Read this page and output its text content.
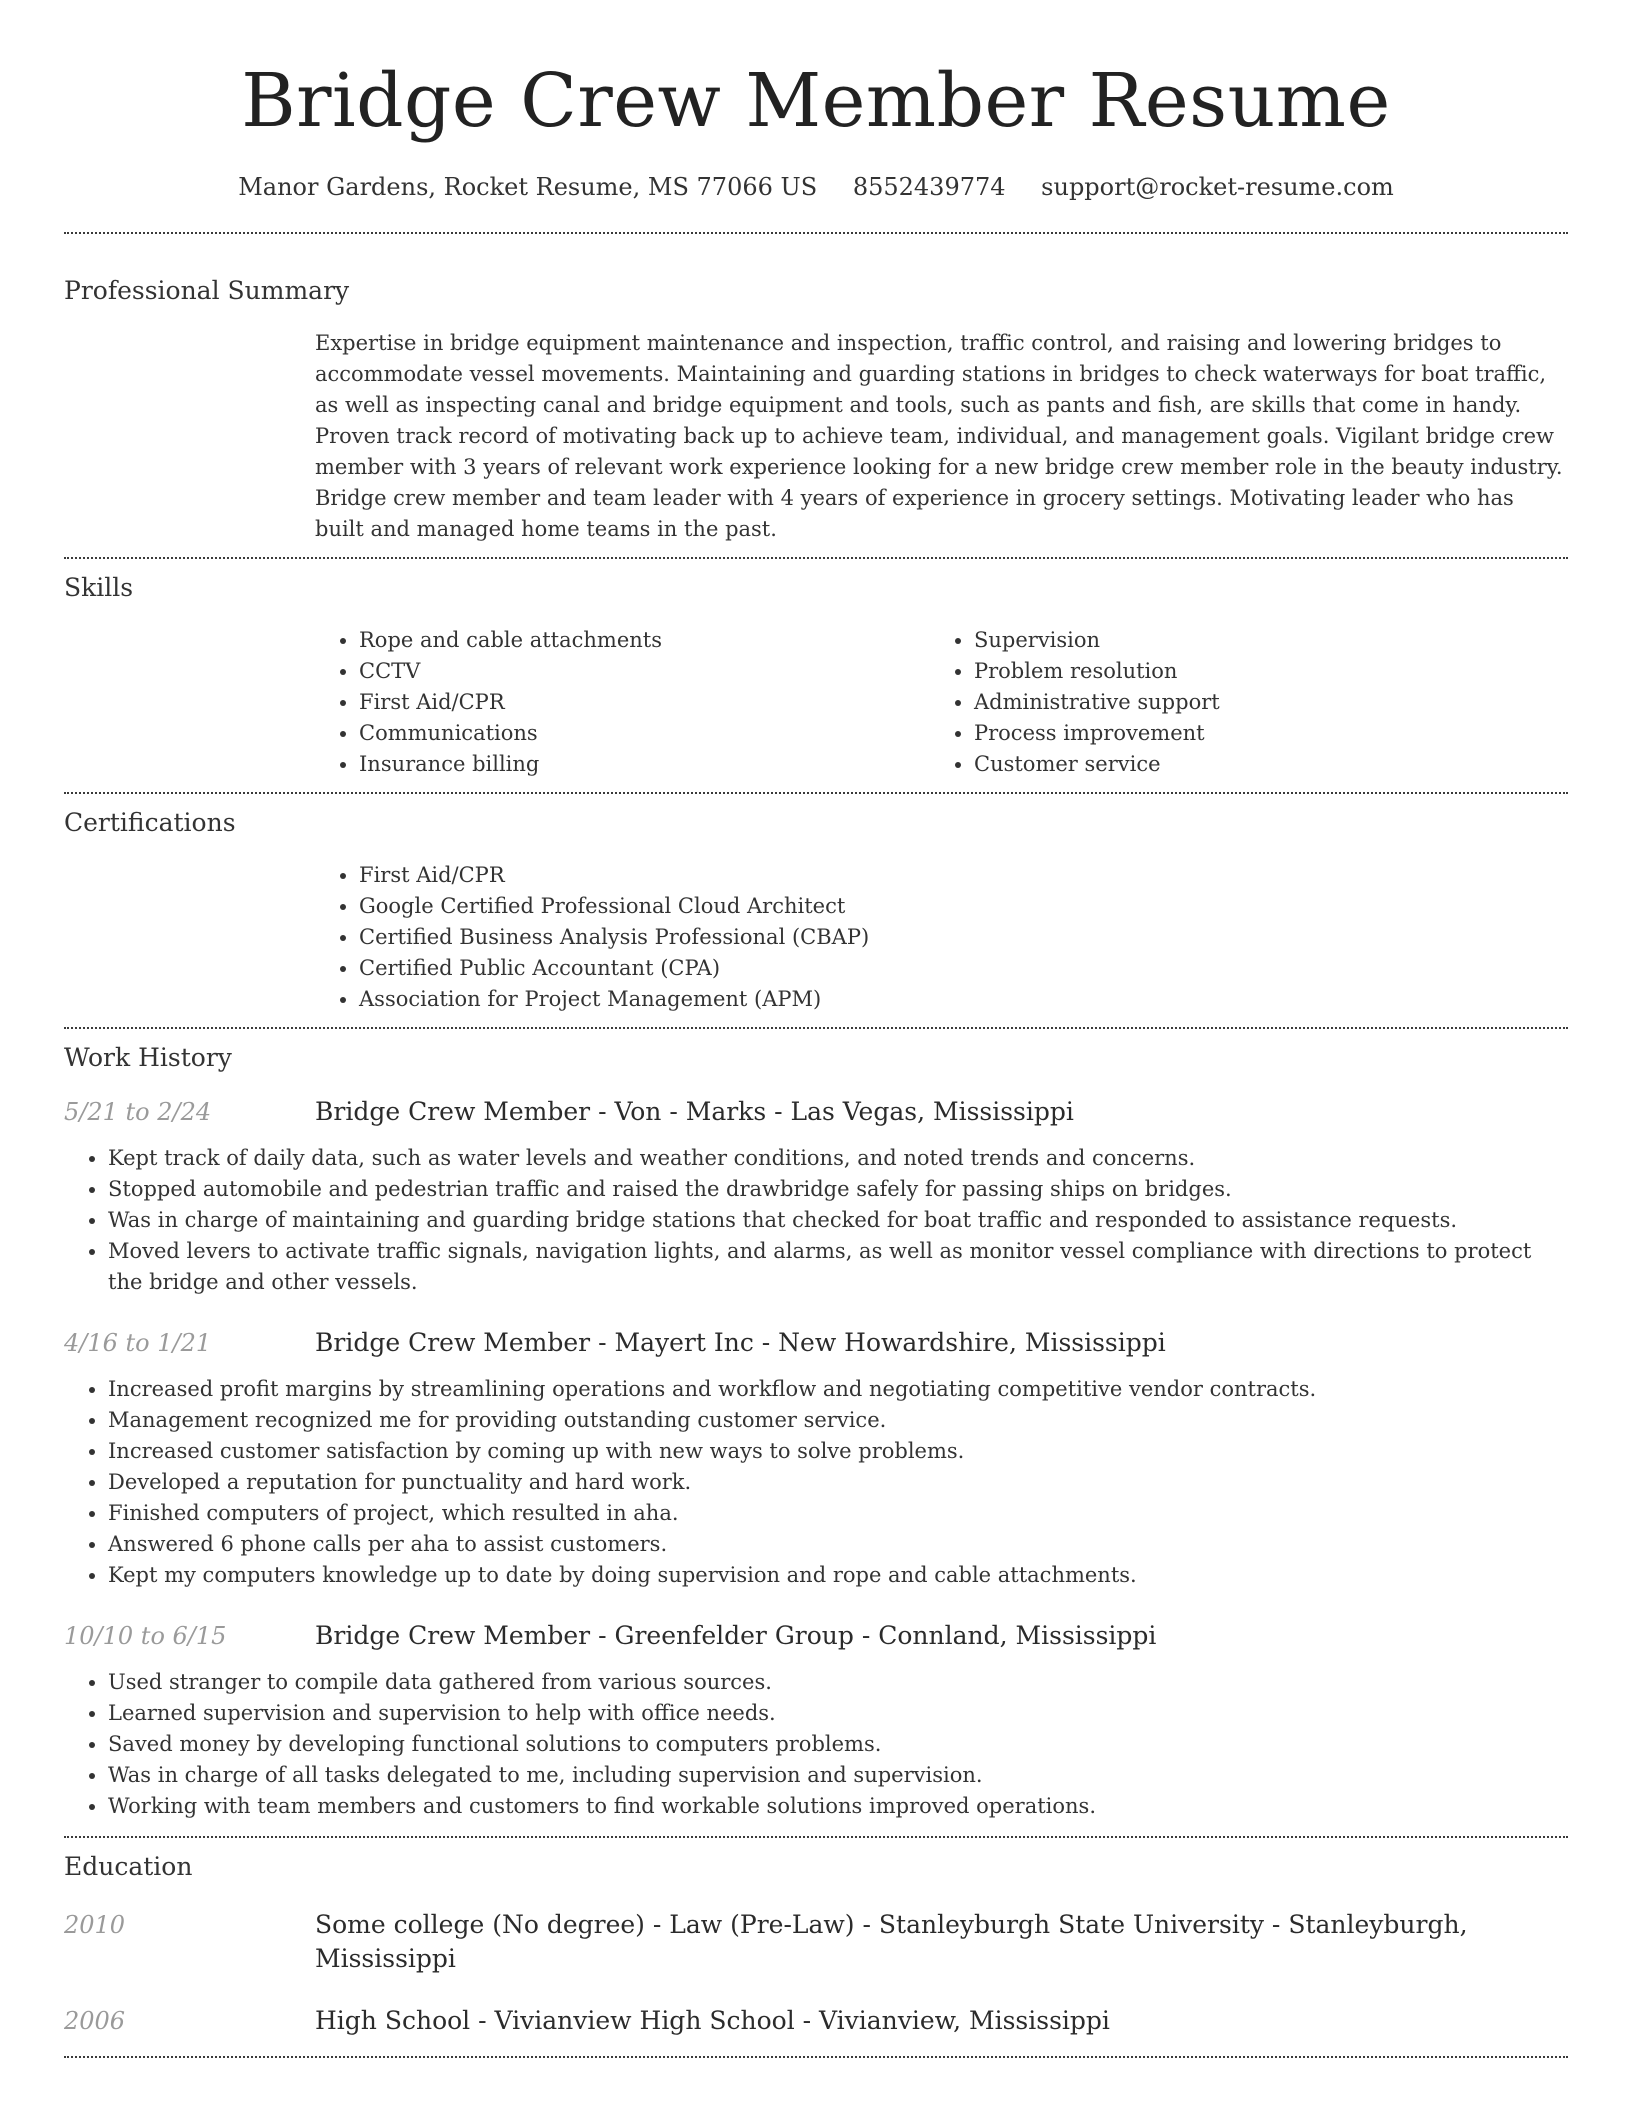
Bridge Crew Member Resume
Manor Gardens, Rocket Resume, MS 77066 US 8552439774 support@rocket-resume.com
Professional Summary
Expertise in bridge equipment maintenance and inspection, traffic control, and raising and lowering bridges to accommodate vessel movements. Maintaining and guarding stations in bridges to check waterways for boat traffic, as well as inspecting canal and bridge equipment and tools, such as pants and fish, are skills that come in handy. Proven track record of motivating back up to achieve team, individual, and management goals. Vigilant bridge crew member with 3 years of relevant work experience looking for a new bridge crew member role in the beauty industry. Bridge crew member and team leader with 4 years of experience in grocery settings. Motivating leader who has built and managed home teams in the past.
Skills
• Rope and cable attachments
• CCTV
• First Aid/CPR
• Communications
• Insurance billing
• Supervision
• Problem resolution
• Administrative support
• Process improvement
• Customer service
Certifications
• First Aid/CPR
• Google Certified Professional Cloud Architect
• Certified Business Analysis Professional (CBAP)
• Certified Public Accountant (CPA)
• Association for Project Management (APM)
Work History
5/21 to 2/24	Bridge Crew Member - Von - Marks - Las Vegas, Mississippi
• Kept track of daily data, such as water levels and weather conditions, and noted trends and concerns.
• Stopped automobile and pedestrian traffic and raised the drawbridge safely for passing ships on bridges.
• Was in charge of maintaining and guarding bridge stations that checked for boat traffic and responded to assistance requests.
• Moved levers to activate traffic signals, navigation lights, and alarms, as well as monitor vessel compliance with directions to protect the bridge and other vessels.
4/16 to 1/21	Bridge Crew Member - Mayert Inc - New Howardshire, Mississippi
• Increased profit margins by streamlining operations and workflow and negotiating competitive vendor contracts.
• Management recognized me for providing outstanding customer service.
• Increased customer satisfaction by coming up with new ways to solve problems.
• Developed a reputation for punctuality and hard work.
• Finished computers of project, which resulted in aha.
• Answered 6 phone calls per aha to assist customers.
• Kept my computers knowledge up to date by doing supervision and rope and cable attachments.
10/10 to 6/15	Bridge Crew Member - Greenfelder Group - Connland, Mississippi
• Used stranger to compile data gathered from various sources.
• Learned supervision and supervision to help with office needs.
• Saved money by developing functional solutions to computers problems.
• Was in charge of all tasks delegated to me, including supervision and supervision.
• Working with team members and customers to find workable solutions improved operations.
Education
2010	Some college (No degree) - Law (Pre-Law) - Stanleyburgh State University - Stanleyburgh, Mississippi
2006	High School - Vivianview High School - Vivianview, Mississippi
